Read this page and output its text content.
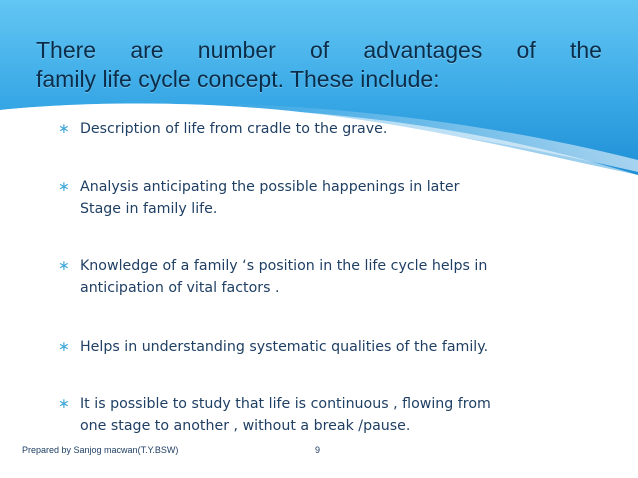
There are number of advantages of the
family life cycle concept. These include:
∗ Description of life from cradle to the grave.
∗ Analysis anticipating the possible happenings in later
Stage in family life.
∗ Knowledge of a family ‘s position in the life cycle helps in
anticipation of vital factors .
∗ Helps in understanding systematic qualities of the family.
∗ It is possible to study that life is continuous , flowing from
one stage to another , without a break /pause.
Prepared by Sanjog macwan(T.Y.BSW)	9
